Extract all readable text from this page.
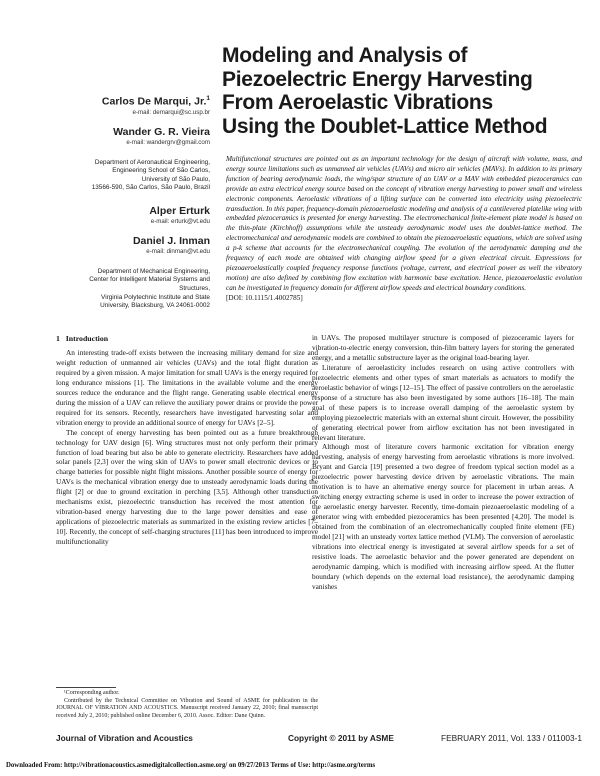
Modeling and Analysis of
Piezoelectric Energy Harvesting
From Aeroelastic Vibrations
Using the Doublet-Lattice Method
Carlos De Marqui, Jr.$^1$
e-mail: demarqui@sc.usp.br
Wander G. R. Vieira
e-mail: wandergrv@gmail.com
Department of Aeronautical Engineering,
Engineering School of São Carlos,
University of São Paulo,
13566-590, São Carlos, São Paulo, Brazil
Alper Erturk
e-mail: erturk@vt.edu
Daniel J. Inman
e-mail: dinman@vt.edu
Department of Mechanical Engineering,
Center for Intelligent Material Systems and
Structures,
Virginia Polytechnic Institute and State
University, Blacksburg, VA 24061-0002
Multifunctional structures are pointed out as an important technology for the design of aircraft with volume, mass, and energy source limitations such as unmanned air vehicles (UAVs) and micro air vehicles (MAVs). In addition to its primary function of bearing aerodynamic loads, the wing/spar structure of an UAV or a MAV with embedded piezoceramics can provide an extra electrical energy source based on the concept of vibration energy harvesting to power small and wireless electronic components. Aeroelastic vibrations of a lifting surface can be converted into electricity using piezoelectric transduction. In this paper, frequency-domain piezoaeroelastic modeling and analysis of a cantilevered platelike wing with embedded piezoceramics is presented for energy harvesting. The electromechanical finite-element plate model is based on the thin-plate (Kirchhoff) assumptions while the unsteady aerodynamic model uses the doublet-lattice method. The electromechanical and aerodynamic models are combined to obtain the piezoaeroelastic equations, which are solved using a p-k scheme that accounts for the electromechanical coupling. The evolution of the aerodynamic damping and the frequency of each mode are obtained with changing airflow speed for a given electrical circuit. Expressions for piezoaeroelastically coupled frequency response functions (voltage, current, and electrical power as well the vibratory motion) are also defined by combining flow excitation with harmonic base excitation. Hence, piezoaeroelastic evolution can be investigated in frequency domain for different airflow speeds and electrical boundary conditions.
[DOI: 10.1115/1.4002785]
1 Introduction

An interesting trade-off exists between the increasing military demand for size and weight reduction of unmanned air vehicles (UAVs) and the total flight duration as required by a given mission. A major limitation for small UAVs is the energy required for long endurance missions [1]. The limitations in the available volume and the energy sources reduce the endurance and the flight range. Generating usable electrical energy during the mission of a UAV can relieve the auxiliary power drains or provide the power required for its sensors. Recently, researchers have investigated harvesting solar and vibration energy to provide an additional source of energy for UAVs [2–5].

The concept of energy harvesting has been pointed out as a future breakthrough technology for UAV design [6]. Wing structures must not only perform their primary function of load bearing but also be able to generate electricity. Researchers have added solar panels [2,3] over the wing skin of UAVs to power small electronic devices or to charge batteries for possible night flight missions. Another possible source of energy for UAVs is the mechanical vibration energy due to unsteady aerodynamic loads during the flight [2] or due to ground excitation in perching [3,5]. Although other transduction mechanisms exist, piezoelectric transduction has received the most attention for vibration-based energy harvesting due to the large power densities and ease of applications of piezoelectric materials as summarized in the existing review articles [7–10]. Recently, the concept of self-charging structures [11] has been introduced to improve multifunctionality

in UAVs. The proposed multilayer structure is composed of piezoceramic layers for vibration-to-electric energy conversion, thin-film battery layers for storing the generated energy, and a metallic substructure layer as the original load-bearing layer.

Literature of aeroelasticity includes research on using active controllers with piezoelectric elements and other types of smart materials as actuators to modify the aeroelastic behavior of wings [12–15]. The effect of passive controllers on the aeroelastic response of a structure has also been investigated by some authors [16–18]. The main goal of these papers is to increase overall damping of the aeroelastic system by employing piezoelectric materials with an external shunt circuit. However, the possibility of generating electrical power from airflow excitation has not been investigated in relevant literature.

Although most of literature covers harmonic excitation for vibration energy harvesting, analysis of energy harvesting from aeroelastic vibrations is more involved. Bryant and Garcia [19] presented a two degree of freedom typical section model as a piezoelectric power harvesting device driven by aeroelastic vibrations. The main motivation is to have an alternative energy source for placement in urban areas. A switching energy extracting scheme is used in order to increase the power extraction of the aeroelastic energy harvester. Recently, time-domain piezoaeroelastic modeling of a generator wing with embedded piezoceramics has been presented [4,20]. The model is obtained from the combination of an electromechanically coupled finite element (FE) model [21] with an unsteady vortex lattice method (VLM). The conversion of aeroelastic vibrations into electrical energy is investigated at several airflow speeds for a set of resistive loads. The aeroelastic behavior and the power generated are dependent on aerodynamic damping, which is modified with increasing airflow speed. At the flutter boundary (which depends on the external load resistance), the aerodynamic damping vanishes

¹Corresponding author.

Contributed by the Technical Committee on Vibration and Sound of ASME for publication in the JOURNAL OF VIBRATION AND ACOUSTICS. Manuscript received January 22, 2010; final manuscript received July 2, 2010; published online December 6, 2010. Assoc. Editor: Dane Quinn.

Journal of Vibration and Acoustics	Copyright © 2011 by ASME	FEBRUARY 2011, Vol. 133 / 011003-1
Downloaded From: http://vibrationacoustics.asmedigitalcollection.asme.org/ on 09/27/2013 Terms of Use: http://asme.org/terms
